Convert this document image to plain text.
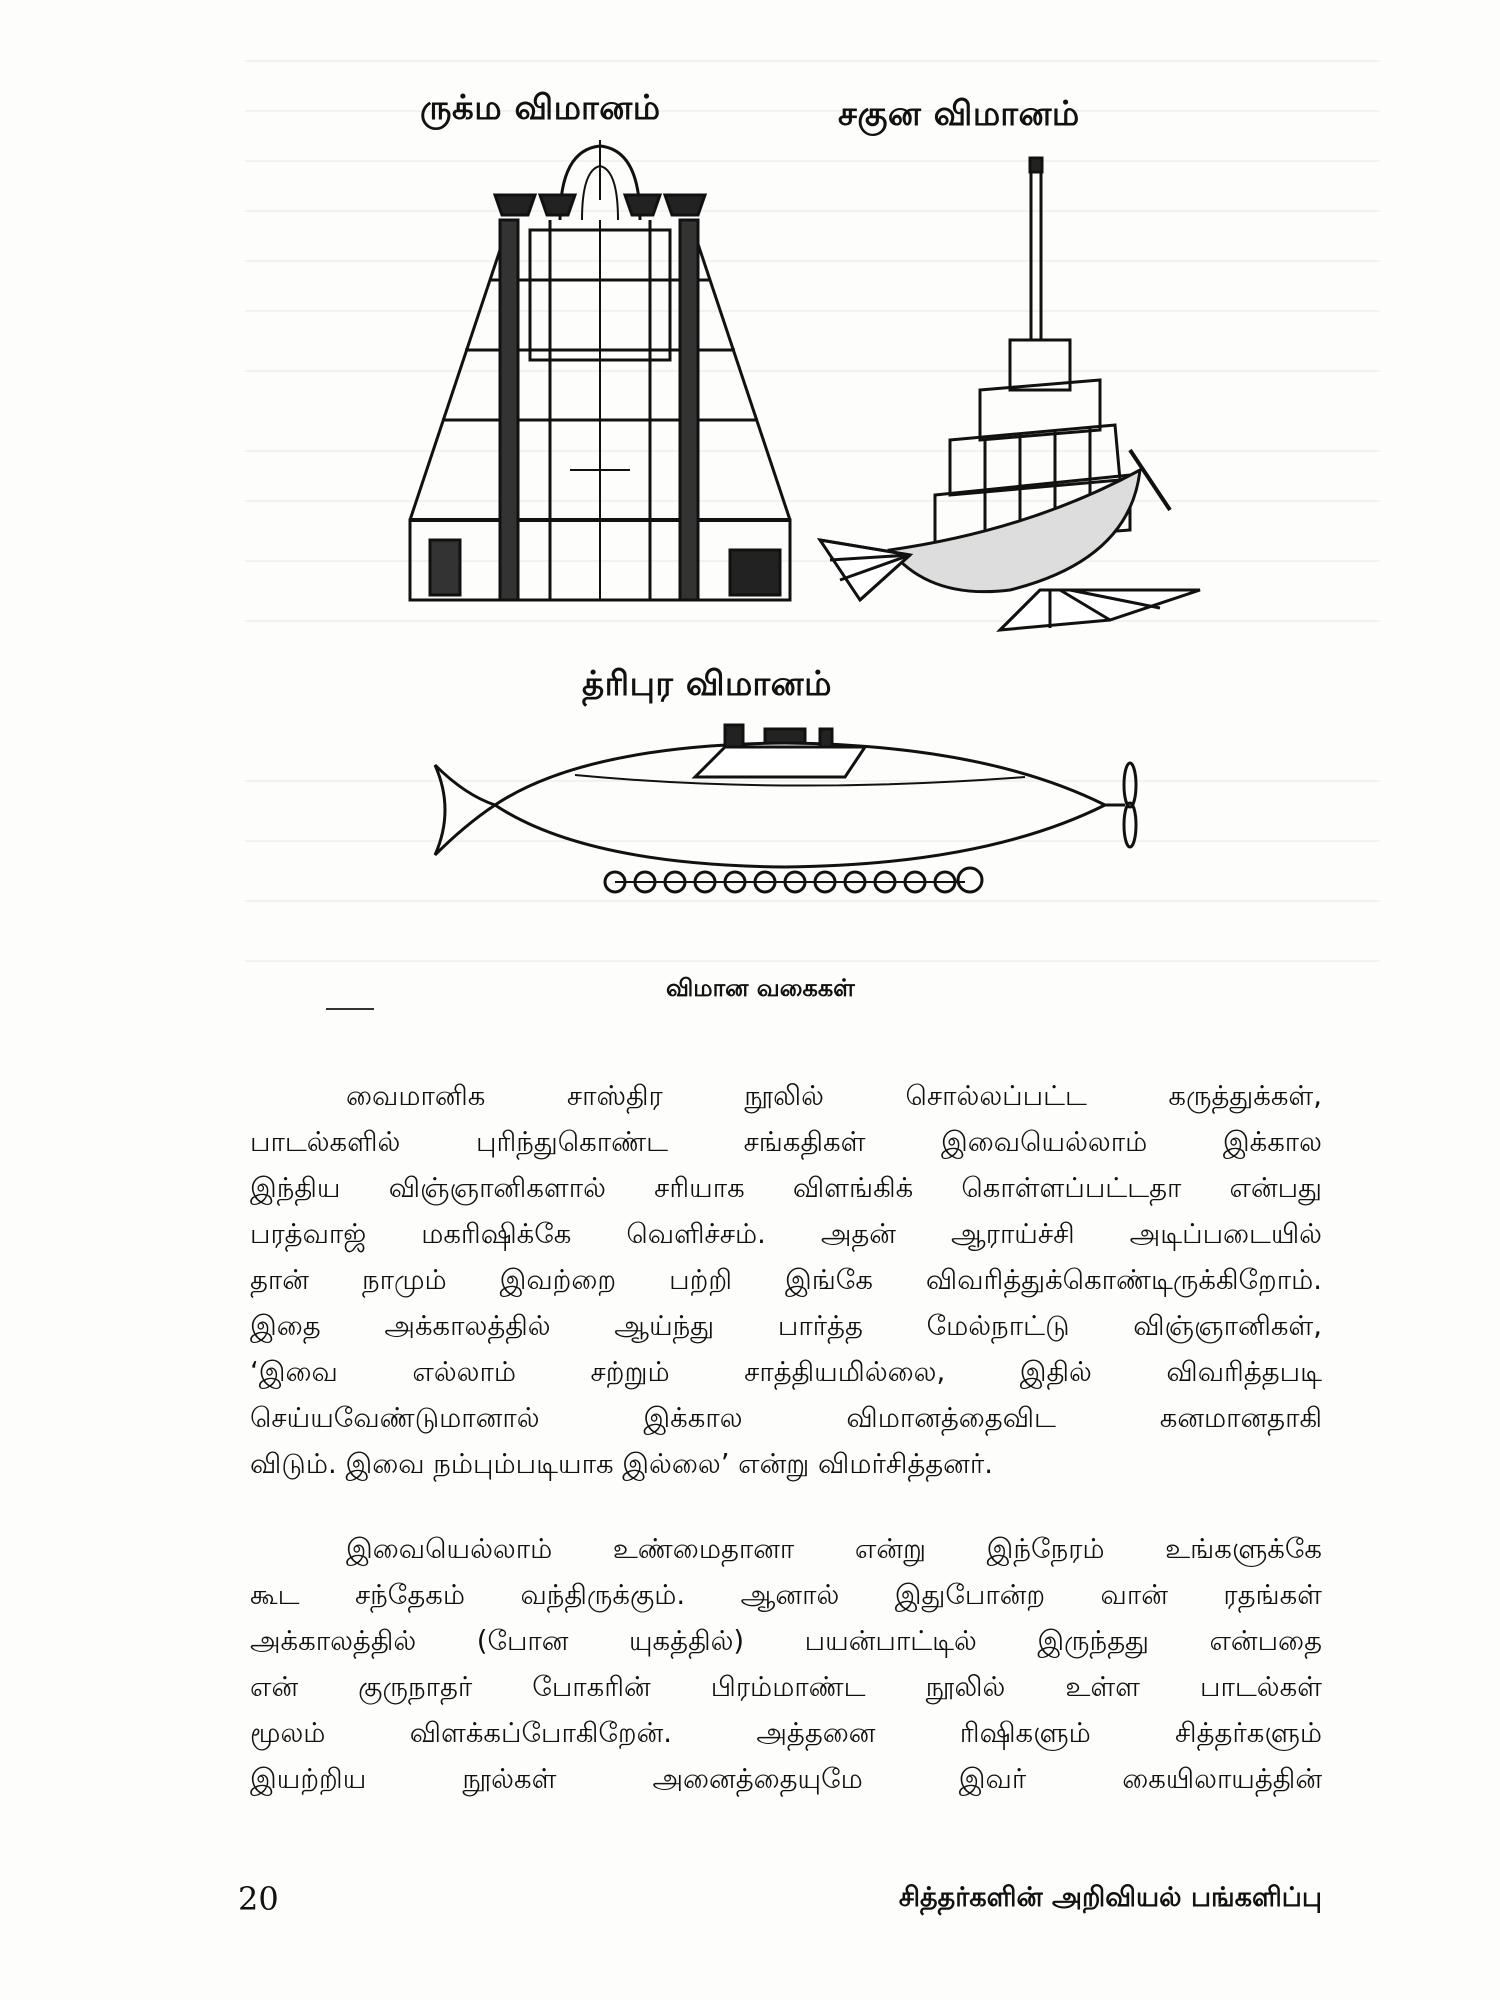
ருக்ம விமானம்	சகுன விமானம்
த்ரிபுர விமானம்
விமான வகைகள்

வைமானிக சாஸ்திர நூலில் சொல்லப்பட்ட கருத்துக்கள்,

பாடல்களில் புரிந்துகொண்ட சங்கதிகள் இவையெல்லாம் இக்கால

இந்திய விஞ்ஞானிகளால் சரியாக விளங்கிக் கொள்ளப்பட்டதா என்பது

பரத்வாஜ் மகரிஷிக்கே வெளிச்சம். அதன் ஆராய்ச்சி அடிப்படையில்

தான் நாமும் இவற்றை பற்றி இங்கே விவரித்துக்கொண்டிருக்கிறோம்.

இதை அக்காலத்தில் ஆய்ந்து பார்த்த மேல்நாட்டு விஞ்ஞானிகள்,

‘இவை எல்லாம் சற்றும் சாத்தியமில்லை, இதில் விவரித்தபடி

செய்யவேண்டுமானால் இக்கால விமானத்தைவிட கனமானதாகி

விடும். இவை நம்பும்படியாக இல்லை’ என்று விமர்சித்தனர்.

இவையெல்லாம் உண்மைதானா என்று இந்நேரம் உங்களுக்கே

கூட சந்தேகம் வந்திருக்கும். ஆனால் இதுபோன்ற வான் ரதங்கள்

அக்காலத்தில் (போன யுகத்தில்) பயன்பாட்டில் இருந்தது என்பதை

என் குருநாதர் போகரின் பிரம்மாண்ட நூலில் உள்ள பாடல்கள்

மூலம் விளக்கப்போகிறேன். அத்தனை ரிஷிகளும் சித்தர்களும்

இயற்றிய நூல்கள் அனைத்தையுமே இவர் கையிலாயத்தின்

20	சித்தர்களின் அறிவியல் பங்களிப்பு
